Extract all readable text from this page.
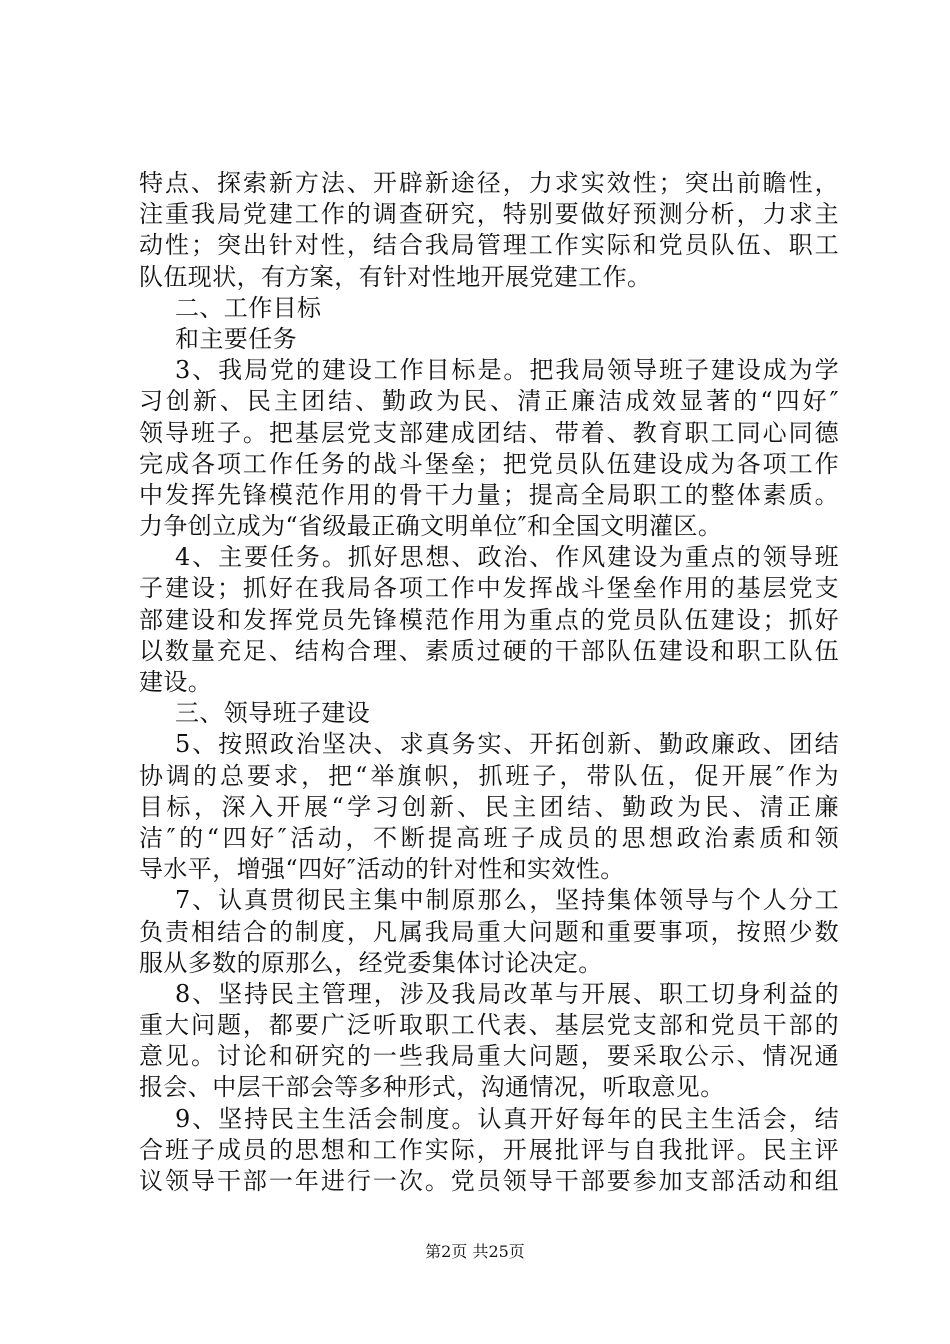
特点、探索新方法、开辟新途径，力求实效性；突出前瞻性，
注重我局党建工作的调查研究，特别要做好预测分析，力求主
动性；突出针对性，结合我局管理工作实际和党员队伍、职工
队伍现状，有方案，有针对性地开展党建工作。
二、工作目标
和主要任务
3、我局党的建设工作目标是。把我局领导班子建设成为学
习创新、民主团结、勤政为民、清正廉洁成效显著的“四好″
领导班子。把基层党支部建成团结、带着、教育职工同心同德
完成各项工作任务的战斗堡垒；把党员队伍建设成为各项工作
中发挥先锋模范作用的骨干力量；提高全局职工的整体素质。
力争创立成为“省级最正确文明单位″和全国文明灌区。
4、主要任务。抓好思想、政治、作风建设为重点的领导班
子建设；抓好在我局各项工作中发挥战斗堡垒作用的基层党支
部建设和发挥党员先锋模范作用为重点的党员队伍建设；抓好
以数量充足、结构合理、素质过硬的干部队伍建设和职工队伍
建设。
三、领导班子建设
5、按照政治坚决、求真务实、开拓创新、勤政廉政、团结
协调的总要求，把“举旗帜，抓班子，带队伍，促开展″作为
目标，深入开展“学习创新、民主团结、勤政为民、清正廉
洁″的“四好″活动，不断提高班子成员的思想政治素质和领
导水平，增强“四好″活动的针对性和实效性。
7、认真贯彻民主集中制原那么，坚持集体领导与个人分工
负责相结合的制度，凡属我局重大问题和重要事项，按照少数
服从多数的原那么，经党委集体讨论决定。
8、坚持民主管理，涉及我局改革与开展、职工切身利益的
重大问题，都要广泛听取职工代表、基层党支部和党员干部的
意见。讨论和研究的一些我局重大问题，要采取公示、情况通
报会、中层干部会等多种形式，沟通情况，听取意见。
9、坚持民主生活会制度。认真开好每年的民主生活会，结
合班子成员的思想和工作实际，开展批评与自我批评。民主评
议领导干部一年进行一次。党员领导干部要参加支部活动和组
第2页 共25页
